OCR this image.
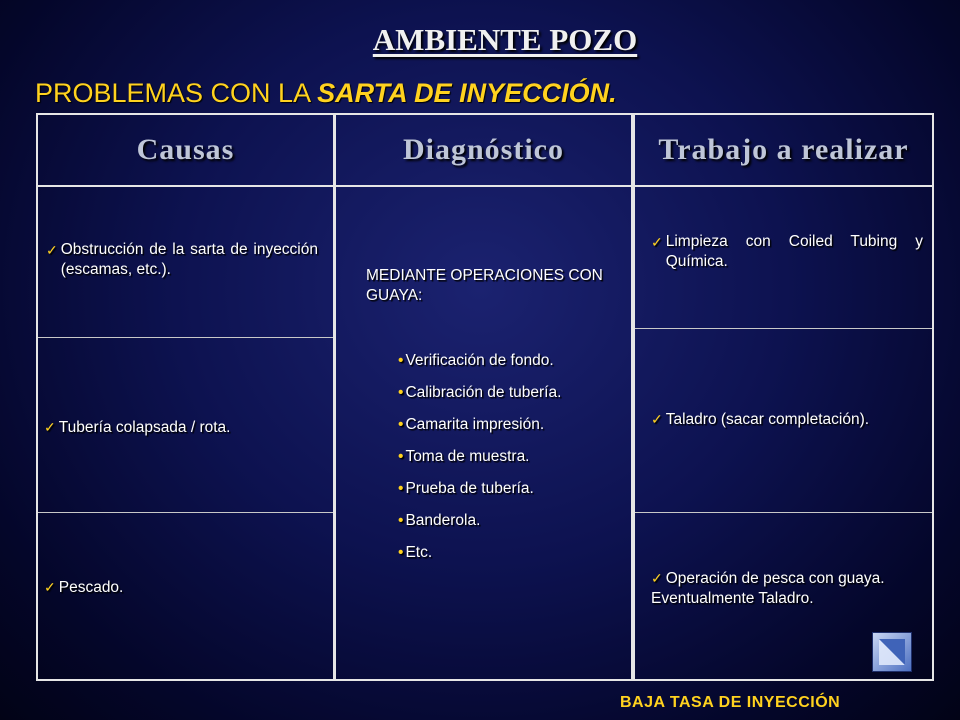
AMBIENTE POZO
PROBLEMAS CON LA SARTA DE INYECCIÓN.
Causas
✓ Obstrucción de la sarta de inyección (escamas, etc.).
✓ Tubería colapsada / rota.
✓ Pescado.
Diagnóstico
MEDIANTE OPERACIONES CON GUAYA:
• Verificación de fondo.
• Calibración de tubería.
• Camarita impresión.
• Toma de muestra.
• Prueba de tubería.
• Banderola.
• Etc.
Trabajo a realizar
✓ Limpieza con Coiled Tubing y Química.
✓ Taladro (sacar completación).
✓ Operación de pesca con guaya. Eventualmente Taladro.
BAJA TASA DE INYECCIÓN
